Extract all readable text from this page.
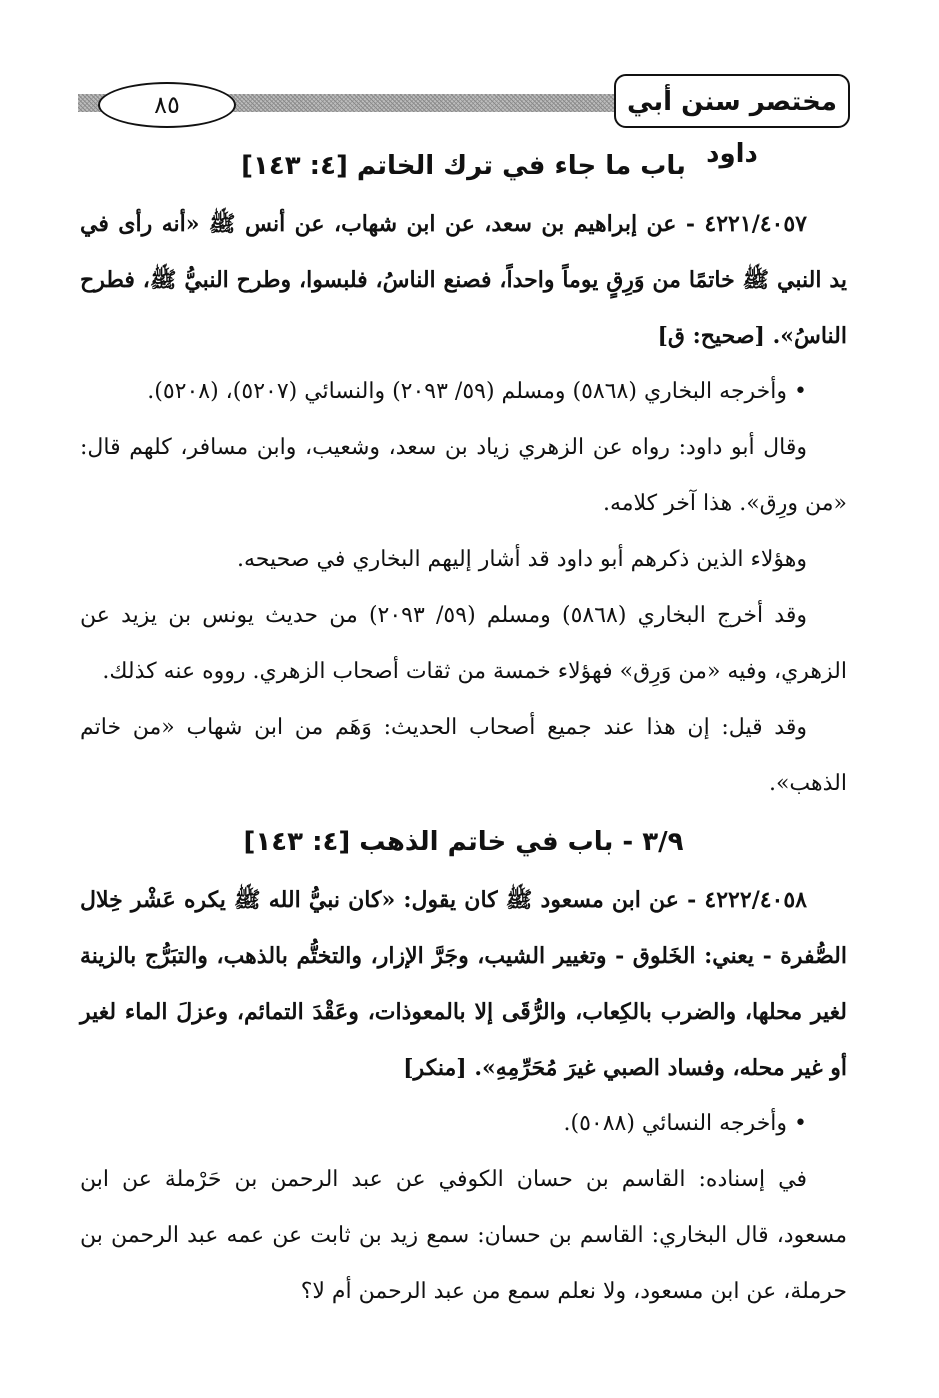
٨٥	مختصر سنن أبي داود

باب ما جاء في ترك الخاتم [٤: ١٤٣]

٤٢٢١/٤٠٥٧ - عن إبراهيم بن سعد، عن ابن شهاب، عن أنس ﷺ «أنه رأى في يد النبي ﷺ خاتمًا من وَرِقٍ يوماً واحداً، فصنع الناسُ، فلبسوا، وطرح النبيُّ ﷺ، فطرح الناسُ». [صحيح: ق]

• وأخرجه البخاري (٥٨٦٨) ومسلم (٥٩/ ٢٠٩٣) والنسائي (٥٢٠٧)، (٥٢٠٨).

وقال أبو داود: رواه عن الزهري زياد بن سعد، وشعيب، وابن مسافر، كلهم قال: «من ورِق». هذا آخر كلامه.

وهؤلاء الذين ذكرهم أبو داود قد أشار إليهم البخاري في صحيحه.

وقد أخرج البخاري (٥٨٦٨) ومسلم (٥٩/ ٢٠٩٣) من حديث يونس بن يزيد عن الزهري، وفيه «من وَرِق» فهؤلاء خمسة من ثقات أصحاب الزهري. رووه عنه كذلك.

وقد قيل: إن هذا عند جميع أصحاب الحديث: وَهَم من ابن شهاب «من خاتم الذهب».

٣/٩ - باب في خاتم الذهب [٤: ١٤٣]

٤٢٢٢/٤٠٥٨ - عن ابن مسعود ﷺ كان يقول: «كان نبيُّ الله ﷺ يكره عَشْر خِلال الصُّفرة - يعني: الخَلوق - وتغيير الشيب، وجَرَّ الإزار، والتختُّم بالذهب، والتبَرُّج بالزينة لغير محلها، والضرب بالكِعاب، والرُّقَى إلا بالمعوذات، وعَقْدَ التمائم، وعزلَ الماء لغير أو غير محله، وفساد الصبي غيرَ مُحَرِّمِهِ». [منكر]

• وأخرجه النسائي (٥٠٨٨).

في إسناده: القاسم بن حسان الكوفي عن عبد الرحمن بن حَرْملة عن ابن مسعود، قال البخاري: القاسم بن حسان: سمع زيد بن ثابت عن عمه عبد الرحمن بن حرملة، عن ابن مسعود، ولا نعلم سمع من عبد الرحمن أم لا؟
